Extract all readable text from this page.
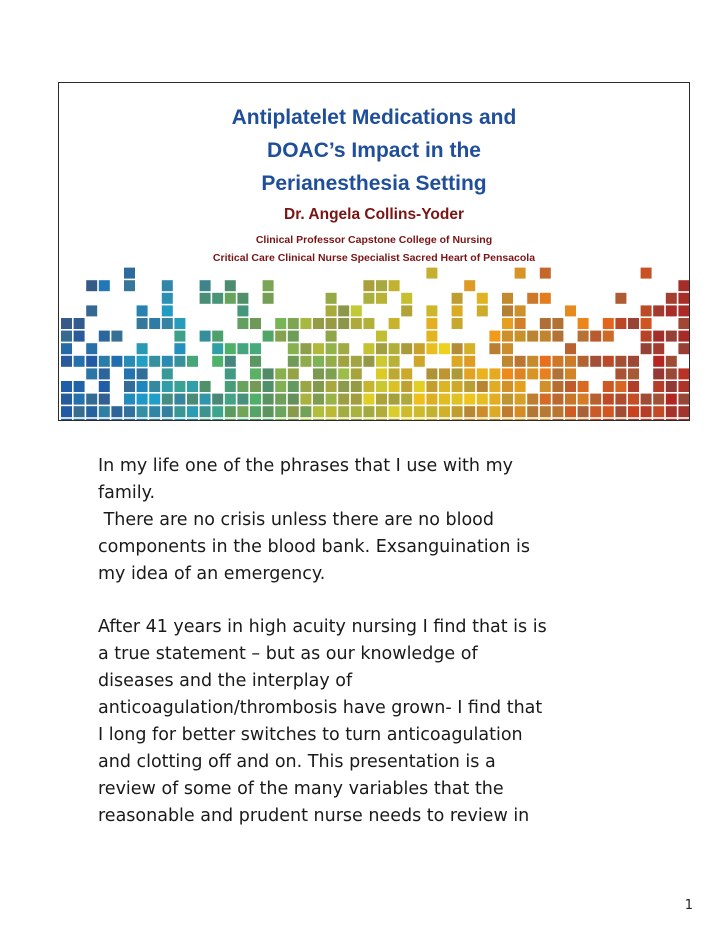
Antiplatelet Medications and
DOAC’s Impact in the
Perianesthesia Setting
Dr. Angela Collins-Yoder
Clinical Professor Capstone College of Nursing
Critical Care Clinical Nurse Specialist Sacred Heart of Pensacola

In my life one of the phrases that I use with my

family.

There are no crisis unless there are no blood

components in the blood bank. Exsanguination is

my idea of an emergency.

After 41 years in high acuity nursing I find that is is

a true statement – but as our knowledge of

diseases and the interplay of

anticoagulation/thrombosis have grown- I find that

I long for better switches to turn anticoagulation

and clotting off and on. This presentation is a

review of some of the many variables that the

reasonable and prudent nurse needs to review in

1
